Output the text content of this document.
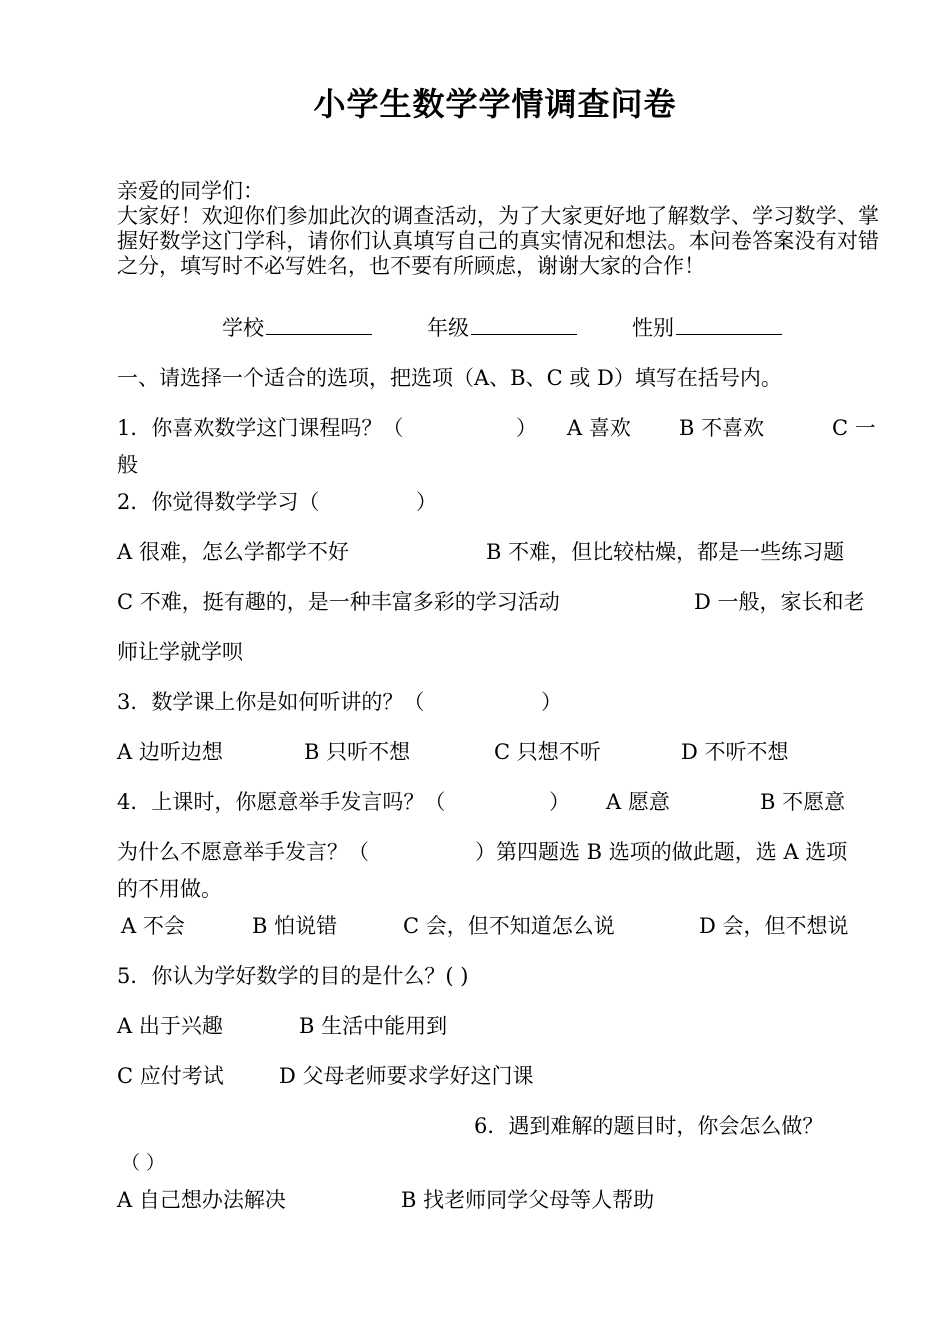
小学生数学学情调查问卷
亲爱的同学们：
大家好！欢迎你们参加此次的调查活动，为了大家更好地了解数学、学习数学、掌握好数学这门学科，请你们认真填写自己的真实情况和想法。本问卷答案没有对错之分，填写时不必写姓名，也不要有所顾虑，谢谢大家的合作！
学校	年级	性别
一、请选择一个适合的选项，把选项（A、B、C 或 D）填写在括号内。
1．你喜欢数学这门课程吗？（	） A 喜欢 B 不喜欢	C 一
般
2．你觉得数学学习（	）
A 很难，怎么学都学不好	B 不难，但比较枯燥，都是一些练习题
C 不难，挺有趣的，是一种丰富多彩的学习活动	D 一般，家长和老
师让学就学呗
3．数学课上你是如何听讲的？（	）
A 边听边想	B 只听不想	C 只想不听	D 不听不想
4．上课时，你愿意举手发言吗？（	） A 愿意	B 不愿意
为什么不愿意举手发言？（	）第四题选 B 选项的做此题，选 A 选项
的不用做。
A 不会	B 怕说错	C 会，但不知道怎么说	D 会，但不想说
5．你认为学好数学的目的是什么？( )
A 出于兴趣	B 生活中能用到
C 应付考试	D 父母老师要求学好这门课
6．遇到难解的题目时，你会怎么做？
（ ）
A 自己想办法解决	B 找老师同学父母等人帮助
